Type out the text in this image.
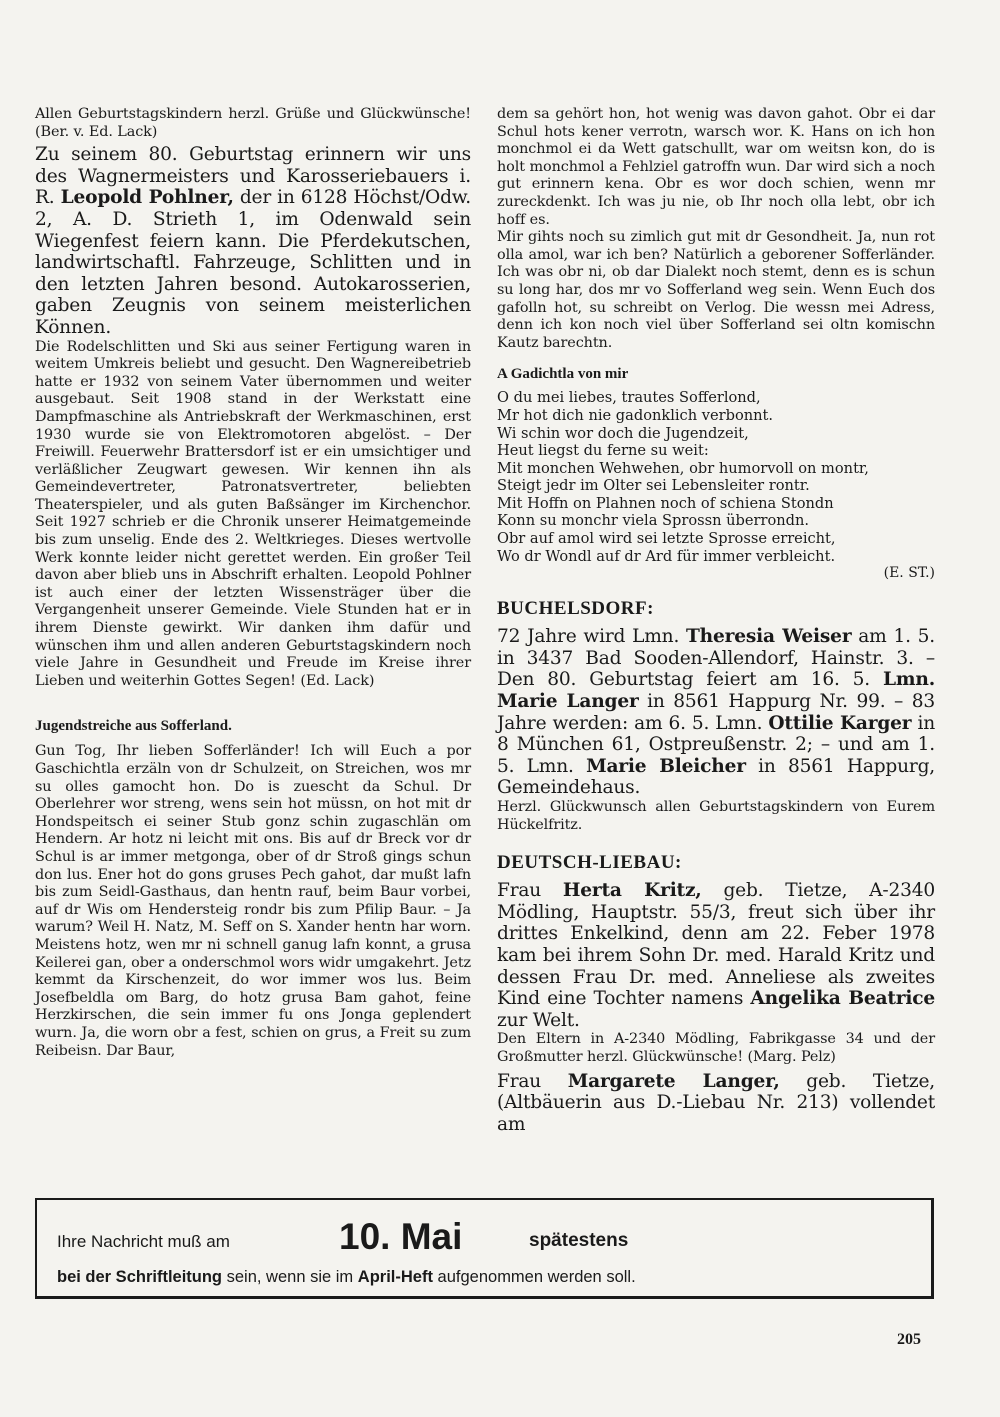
Allen Geburtstagskindern herzl. Grüße und Glückwünsche! (Ber. v. Ed. Lack)

Zu seinem 80. Geburtstag erinnern wir uns des Wagnermeisters und Karosseriebauers i. R. Leopold Pohlner, der in 6128 Höchst/Odw. 2, A. D. Strieth 1, im Odenwald sein Wiegenfest feiern kann. Die Pferdekutschen, landwirtschaftl. Fahrzeuge, Schlitten und in den letzten Jahren besond. Autokarosserien, gaben Zeugnis von seinem meisterlichen Können.

Die Rodelschlitten und Ski aus seiner Fertigung waren in weitem Umkreis beliebt und gesucht. Den Wagnereibetrieb hatte er 1932 von seinem Vater übernommen und weiter ausgebaut. Seit 1908 stand in der Werkstatt eine Dampfmaschine als Antriebskraft der Werkmaschinen, erst 1930 wurde sie von Elektromotoren abgelöst. – Der Freiwill. Feuerwehr Brattersdorf ist er ein umsichtiger und verläßlicher Zeugwart gewesen. Wir kennen ihn als Gemeindevertreter, Patronatsvertreter, beliebten Theaterspieler, und als guten Baßsänger im Kirchenchor. Seit 1927 schrieb er die Chronik unserer Heimatgemeinde bis zum unselig. Ende des 2. Weltkrieges. Dieses wertvolle Werk konnte leider nicht gerettet werden. Ein großer Teil davon aber blieb uns in Abschrift erhalten. Leopold Pohlner ist auch einer der letzten Wissensträger über die Vergangenheit unserer Gemeinde. Viele Stunden hat er in ihrem Dienste gewirkt. Wir danken ihm dafür und wünschen ihm und allen anderen Geburtstagskindern noch viele Jahre in Gesundheit und Freude im Kreise ihrer Lieben und weiterhin Gottes Segen! (Ed. Lack)

Jugendstreiche aus Sofferland.

Gun Tog, Ihr lieben Sofferländer! Ich will Euch a por Gaschichtla erzäln von dr Schulzeit, on Streichen, wos mr su olles gamocht hon. Do is zuescht da Schul. Dr Oberlehrer wor streng, wens sein hot müssn, on hot mit dr Hondspeitsch ei seiner Stub gonz schin zugaschlän om Hendern. Ar hotz ni leicht mit ons. Bis auf dr Breck vor dr Schul is ar immer metgonga, ober of dr Stroß gings schun don lus. Ener hot do gons gruses Pech gahot, dar mußt lafn bis zum Seidl-Gasthaus, dan hentn rauf, beim Baur vorbei, auf dr Wis om Hendersteig rondr bis zum Pfilip Baur. – Ja warum? Weil H. Natz, M. Seff on S. Xander hentn har worn. Meistens hotz, wen mr ni schnell ganug lafn konnt, a grusa Keilerei gan, ober a onderschmol wors widr umgakehrt. Jetz kemmt da Kirschenzeit, do wor immer wos lus. Beim Josefbeldla om Barg, do hotz grusa Bam gahot, feine Herzkirschen, die sein immer fu ons Jonga geplendert wurn. Ja, die worn obr a fest, schien on grus, a Freit su zum Reibeisn. Dar Baur,

dem sa gehört hon, hot wenig was davon gahot. Obr ei dar Schul hots kener verrotn, warsch wor. K. Hans on ich hon monchmol ei da Wett gatschullt, war om weitsn kon, do is holt monchmol a Fehlziel gatroffn wun. Dar wird sich a noch gut erinnern kena. Obr es wor doch schien, wenn mr zureckdenkt. Ich was ju nie, ob Ihr noch olla lebt, obr ich hoff es.

Mir gihts noch su zimlich gut mit dr Gesondheit. Ja, nun rot olla amol, war ich ben? Natürlich a geborener Sofferländer. Ich was obr ni, ob dar Dialekt noch stemt, denn es is schun su long har, dos mr vo Sofferland weg sein. Wenn Euch dos gafolln hot, su schreibt on Verlog. Die wessn mei Adress, denn ich kon noch viel über Sofferland sei oltn komischn Kautz barechtn.

A Gadichtla von mir

O du mei liebes, trautes Sofferlond,

Mr hot dich nie gadonklich verbonnt.

Wi schin wor doch die Jugendzeit,

Heut liegst du ferne su weit:

Mit monchen Wehwehen, obr humorvoll on montr,

Steigt jedr im Olter sei Lebensleiter rontr.

Mit Hoffn on Plahnen noch of schiena Stondn

Konn su monchr viela Sprossn überrondn.

Obr auf amol wird sei letzte Sprosse erreicht,

Wo dr Wondl auf dr Ard für immer verbleicht.

(E. ST.)

BUCHELSDORF:

72 Jahre wird Lmn. Theresia Weiser am 1. 5. in 3437 Bad Sooden-Allendorf, Hainstr. 3. – Den 80. Geburtstag feiert am 16. 5. Lmn. Marie Langer in 8561 Happurg Nr. 99. – 83 Jahre werden: am 6. 5. Lmn. Ottilie Karger in 8 München 61, Ostpreußenstr. 2; – und am 1. 5. Lmn. Marie Bleicher in 8561 Happurg, Gemeindehaus.

Herzl. Glückwunsch allen Geburtstagskindern von Eurem Hückelfritz.

DEUTSCH-LIEBAU:

Frau Herta Kritz, geb. Tietze, A-2340 Mödling, Hauptstr. 55/3, freut sich über ihr drittes Enkelkind, denn am 22. Feber 1978 kam bei ihrem Sohn Dr. med. Harald Kritz und dessen Frau Dr. med. Anneliese als zweites Kind eine Tochter namens Angelika Beatrice zur Welt.

Den Eltern in A-2340 Mödling, Fabrikgasse 34 und der Großmutter herzl. Glückwünsche! (Marg. Pelz)

Frau Margarete Langer, geb. Tietze, (Altbäuerin aus D.-Liebau Nr. 213) vollendet am

Ihre Nachricht muß am	10. Mai	spätestens
bei der Schriftleitung sein, wenn sie im April-Heft aufgenommen werden soll.
205
